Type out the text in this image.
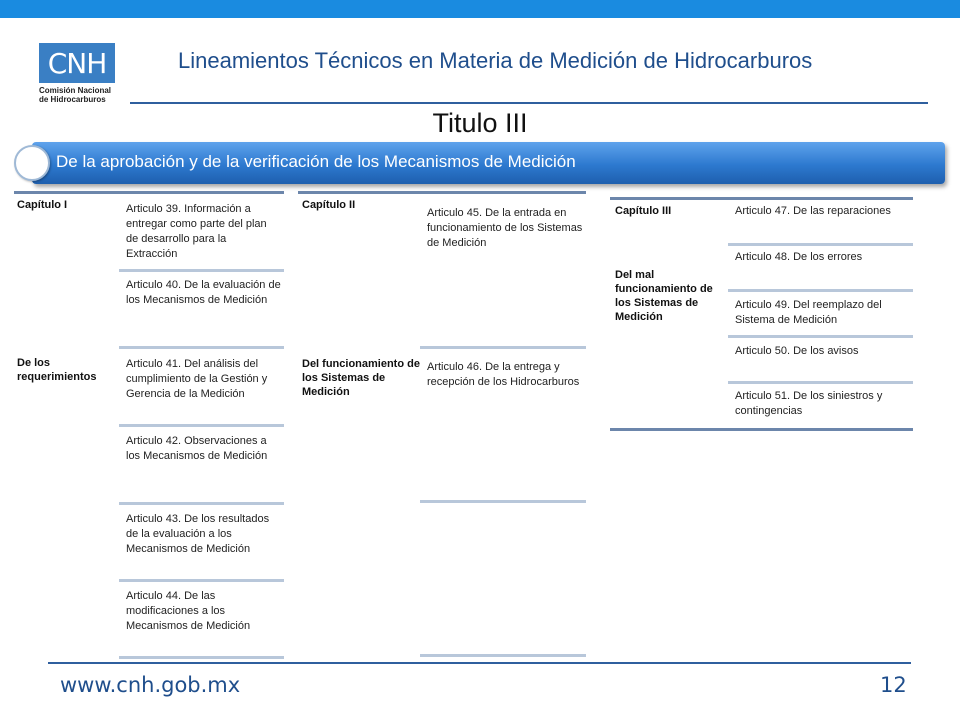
CNH
Comisión Nacional
de Hidrocarburos
Lineamientos Técnicos en Materia de Medición de Hidrocarburos
Titulo III
De la aprobación y de la verificación de los Mecanismos de Medición
Capítulo I
De los requerimientos
Articulo 39. Información a entregar como parte del plan de desarrollo para la Extracción
Articulo 40. De la evaluación de los Mecanismos de Medición
Articulo 41. Del análisis del cumplimiento de la Gestión y Gerencia de la Medición
Articulo 42. Observaciones a los Mecanismos de Medición
Articulo 43. De los resultados de la evaluación a los Mecanismos de Medición
Articulo 44. De las modificaciones a los Mecanismos de Medición
Capítulo II
Del funcionamiento de los Sistemas de Medición
Articulo 45. De la entrada en funcionamiento de los Sistemas de Medición
Articulo 46. De la entrega y recepción de los Hidrocarburos
Capítulo III
Del mal funcionamiento de los Sistemas de Medición
Articulo 47. De las reparaciones
Articulo 48. De los errores
Articulo 49. Del reemplazo del Sistema de Medición
Articulo 50. De los avisos
Articulo 51. De los siniestros y contingencias
www.cnh.gob.mx	12
